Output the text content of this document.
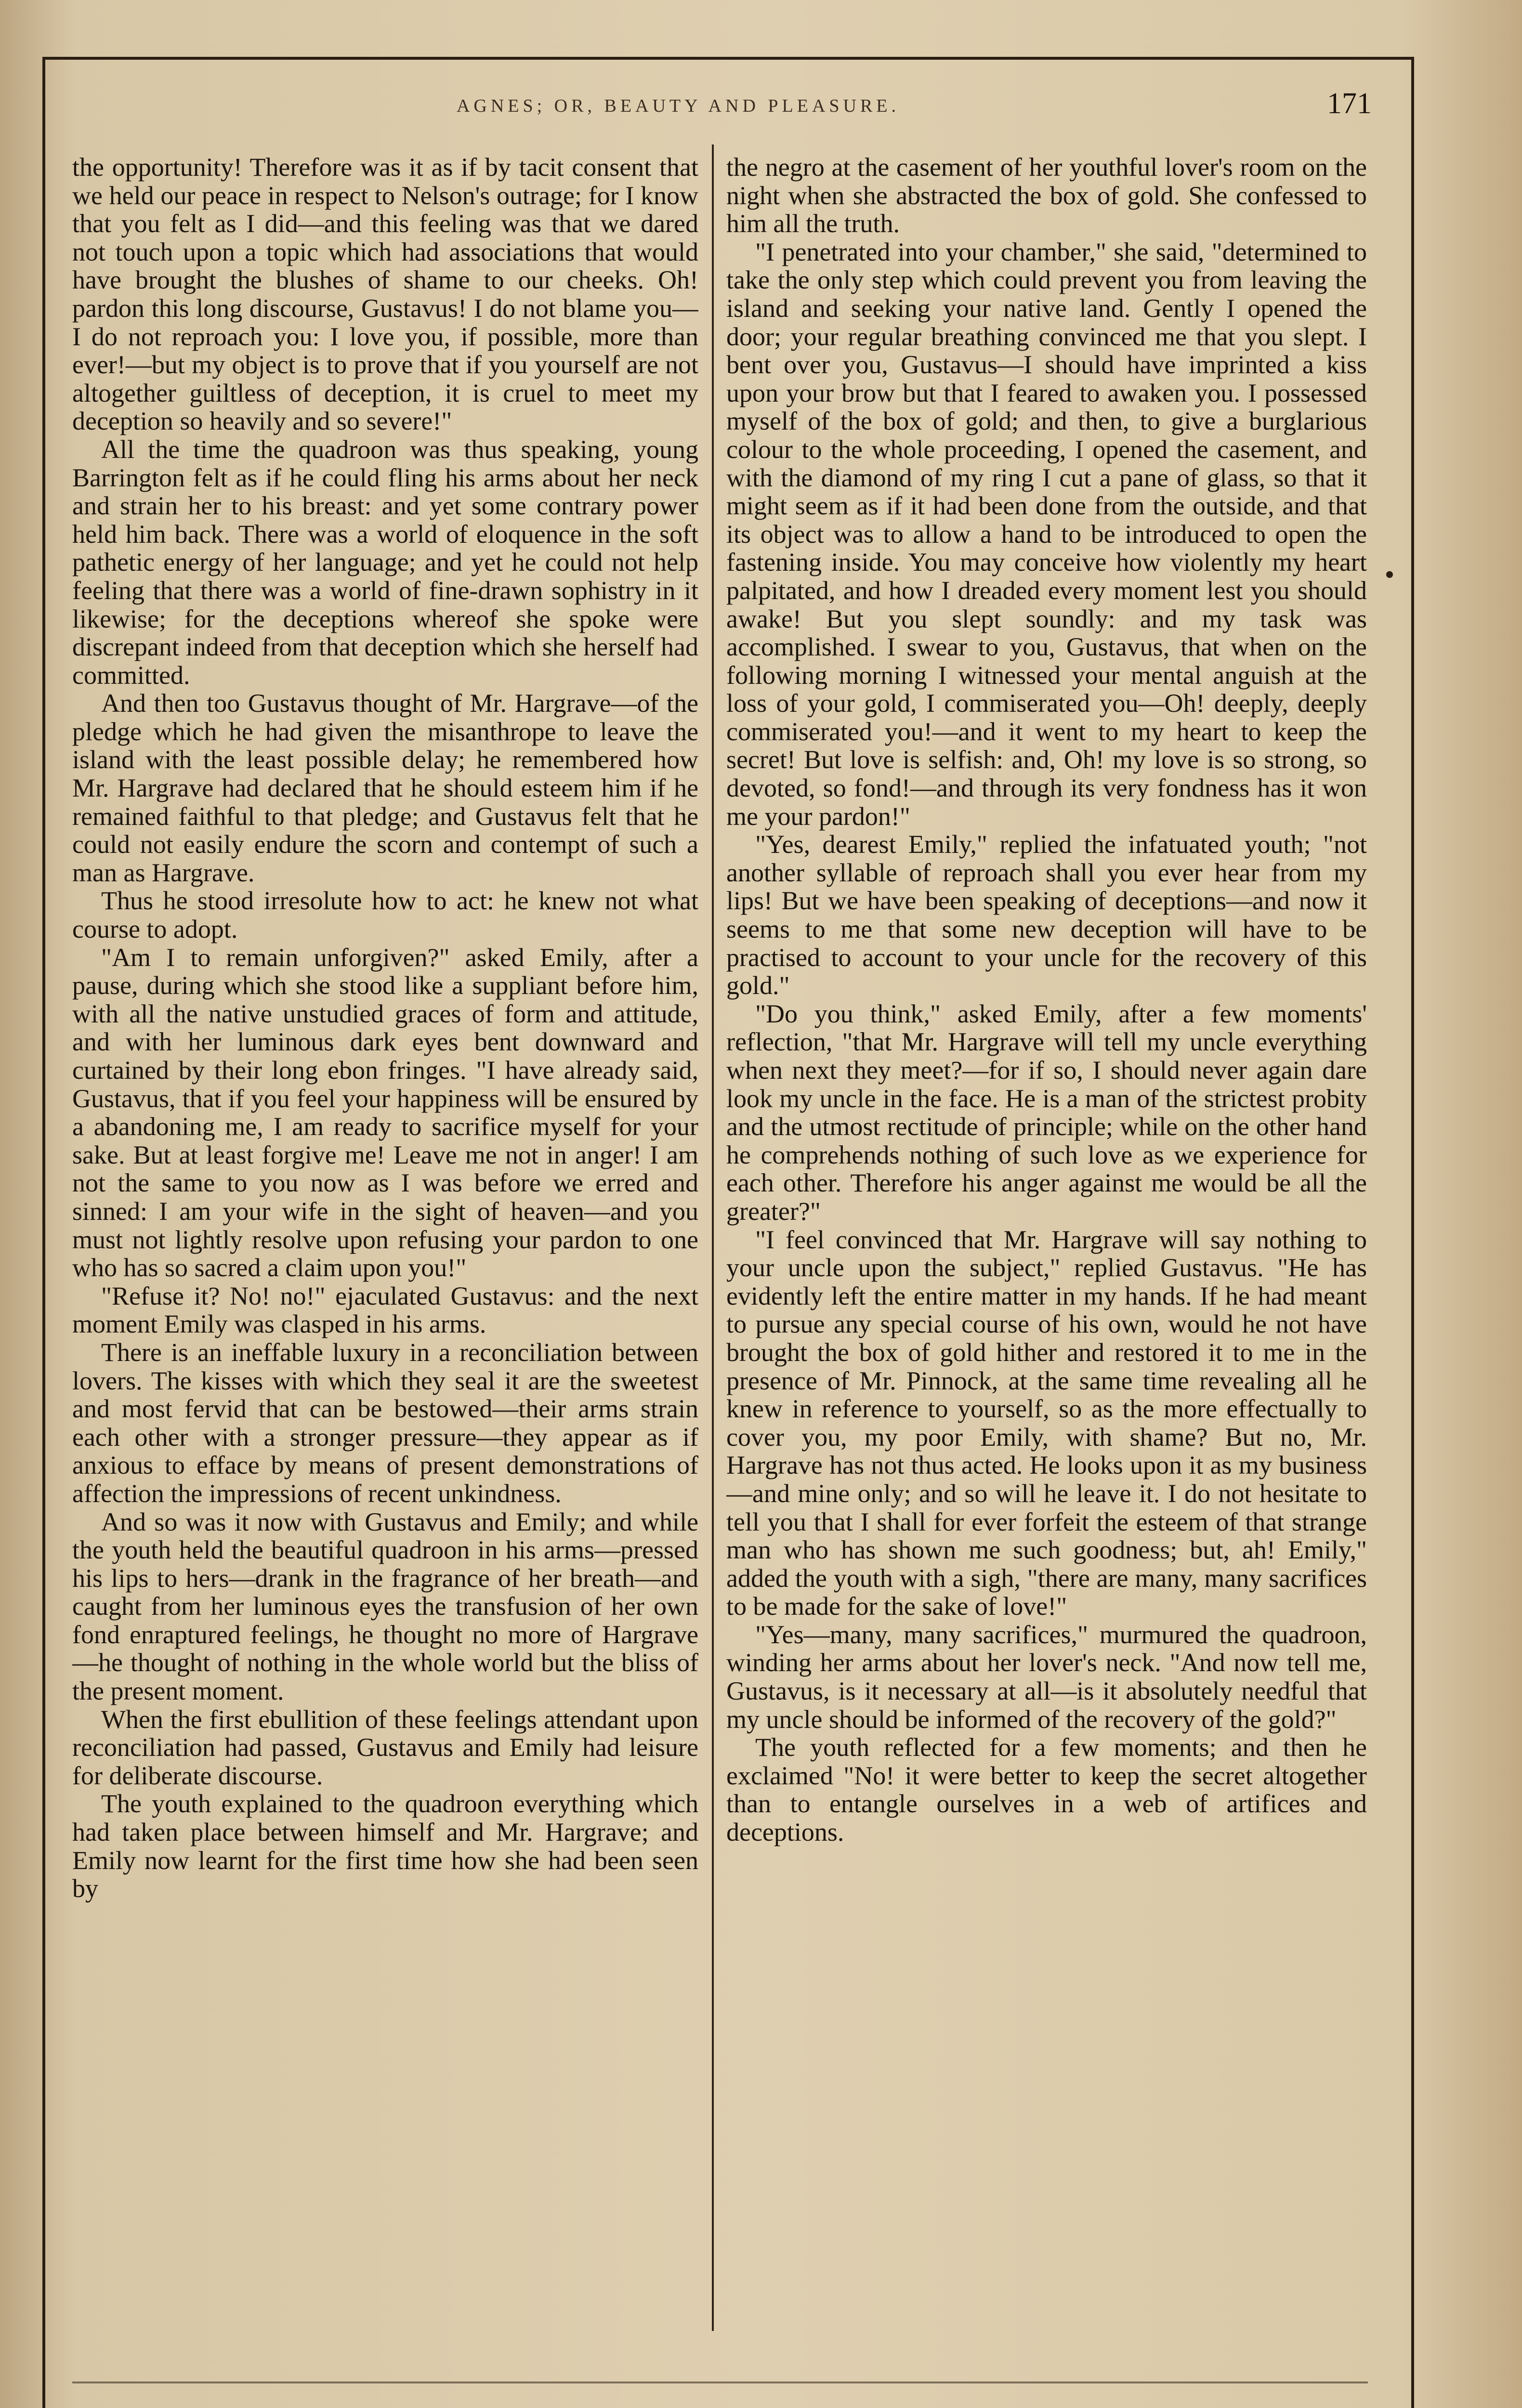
AGNES; OR, BEAUTY AND PLEASURE.	171

the opportunity! Therefore was it as if by tacit consent that we held our peace in respect to Nelson's outrage; for I know that you felt as I did—and this feeling was that we dared not touch upon a topic which had associations that would have brought the blushes of shame to our cheeks. Oh! pardon this long discourse, Gustavus! I do not blame you—I do not reproach you: I love you, if possible, more than ever!—but my object is to prove that if you yourself are not altogether guiltless of deception, it is cruel to meet my deception so heavily and so severe!"

All the time the quadroon was thus speaking, young Barrington felt as if he could fling his arms about her neck and strain her to his breast: and yet some contrary power held him back. There was a world of eloquence in the soft pathetic energy of her language; and yet he could not help feeling that there was a world of fine-drawn sophistry in it likewise; for the deceptions whereof she spoke were discrepant indeed from that deception which she herself had committed.

And then too Gustavus thought of Mr. Hargrave—of the pledge which he had given the misanthrope to leave the island with the least possible delay; he remembered how Mr. Hargrave had declared that he should esteem him if he remained faithful to that pledge; and Gustavus felt that he could not easily endure the scorn and contempt of such a man as Hargrave.

Thus he stood irresolute how to act: he knew not what course to adopt.

"Am I to remain unforgiven?" asked Emily, after a pause, during which she stood like a suppliant before him, with all the native unstudied graces of form and attitude, and with her luminous dark eyes bent downward and curtained by their long ebon fringes. "I have already said, Gustavus, that if you feel your happiness will be ensured by a abandoning me, I am ready to sacrifice myself for your sake. But at least forgive me! Leave me not in anger! I am not the same to you now as I was before we erred and sinned: I am your wife in the sight of heaven—and you must not lightly resolve upon refusing your pardon to one who has so sacred a claim upon you!"

"Refuse it? No! no!" ejaculated Gustavus: and the next moment Emily was clasped in his arms.

There is an ineffable luxury in a reconciliation between lovers. The kisses with which they seal it are the sweetest and most fervid that can be bestowed—their arms strain each other with a stronger pressure—they appear as if anxious to efface by means of present demonstrations of affection the impressions of recent unkindness.

And so was it now with Gustavus and Emily; and while the youth held the beautiful quadroon in his arms—pressed his lips to hers—drank in the fragrance of her breath—and caught from her luminous eyes the transfusion of her own fond enraptured feelings, he thought no more of Hargrave—he thought of nothing in the whole world but the bliss of the present moment.

When the first ebullition of these feelings attendant upon reconciliation had passed, Gustavus and Emily had leisure for deliberate discourse.

The youth explained to the quadroon everything which had taken place between himself and Mr. Hargrave; and Emily now learnt for the first time how she had been seen by

the negro at the casement of her youthful lover's room on the night when she abstracted the box of gold. She confessed to him all the truth.

"I penetrated into your chamber," she said, "determined to take the only step which could prevent you from leaving the island and seeking your native land. Gently I opened the door; your regular breathing convinced me that you slept. I bent over you, Gustavus—I should have imprinted a kiss upon your brow but that I feared to awaken you. I possessed myself of the box of gold; and then, to give a burglarious colour to the whole proceeding, I opened the casement, and with the diamond of my ring I cut a pane of glass, so that it might seem as if it had been done from the outside, and that its object was to allow a hand to be introduced to open the fastening inside. You may conceive how violently my heart palpitated, and how I dreaded every moment lest you should awake! But you slept soundly: and my task was accomplished. I swear to you, Gustavus, that when on the following morning I witnessed your mental anguish at the loss of your gold, I commiserated you—Oh! deeply, deeply commiserated you!—and it went to my heart to keep the secret! But love is selfish: and, Oh! my love is so strong, so devoted, so fond!—and through its very fondness has it won me your pardon!"

"Yes, dearest Emily," replied the infatuated youth; "not another syllable of reproach shall you ever hear from my lips! But we have been speaking of deceptions—and now it seems to me that some new deception will have to be practised to account to your uncle for the recovery of this gold."

"Do you think," asked Emily, after a few moments' reflection, "that Mr. Hargrave will tell my uncle everything when next they meet?—for if so, I should never again dare look my uncle in the face. He is a man of the strictest probity and the utmost rectitude of principle; while on the other hand he comprehends nothing of such love as we experience for each other. Therefore his anger against me would be all the greater?"

"I feel convinced that Mr. Hargrave will say nothing to your uncle upon the subject," replied Gustavus. "He has evidently left the entire matter in my hands. If he had meant to pursue any special course of his own, would he not have brought the box of gold hither and restored it to me in the presence of Mr. Pinnock, at the same time revealing all he knew in reference to yourself, so as the more effectually to cover you, my poor Emily, with shame? But no, Mr. Hargrave has not thus acted. He looks upon it as my business—and mine only; and so will he leave it. I do not hesitate to tell you that I shall for ever forfeit the esteem of that strange man who has shown me such goodness; but, ah! Emily," added the youth with a sigh, "there are many, many sacrifices to be made for the sake of love!"

"Yes—many, many sacrifices," murmured the quadroon, winding her arms about her lover's neck. "And now tell me, Gustavus, is it necessary at all—is it absolutely needful that my uncle should be informed of the recovery of the gold?"

The youth reflected for a few moments; and then he exclaimed "No! it were better to keep the secret altogether than to entangle ourselves in a web of artifices and deceptions.
